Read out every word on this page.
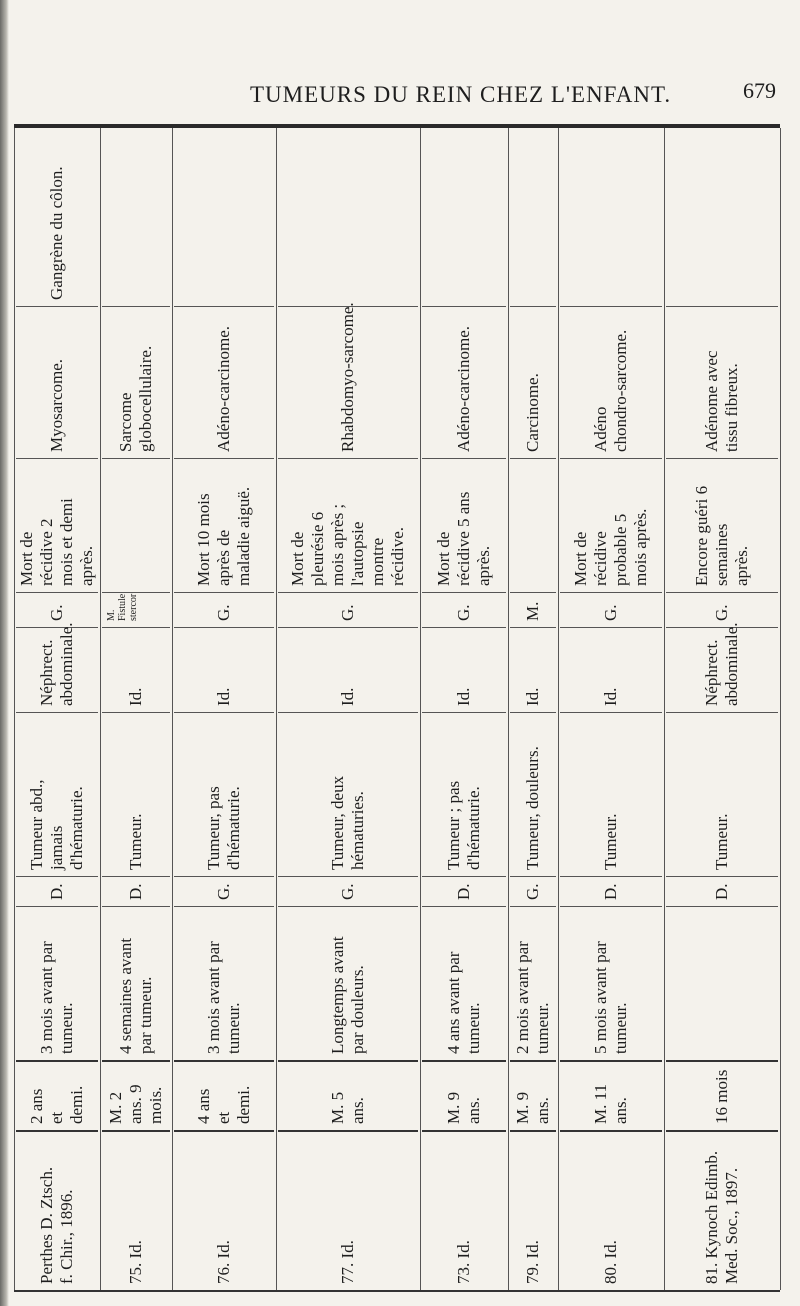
TUMEURS DU REIN CHEZ L'ENFANT.	679
Gangrène du côlon.
Myosarcome.
Mort de récidive 2 mois et demi après.
G.
Néphrect. abdominale.
Tumeur abd., jamais d'hématurie.
D.
3 mois avant par tumeur.
2 ans et demi.
Perthes D. Ztsch. f. Chir., 1896.
Sarcome globocellulaire.
M. Fistule stercor
Id.
Tumeur.
D.
4 semaines avant par tumeur.
M. 2 ans. 9 mois.
75. Id.
Adéno-carcinome.
Mort 10 mois après de maladie aiguë.
G.
Id.
Tumeur, pas d'hématurie.
G.
3 mois avant par tumeur.
4 ans et demi.
76. Id.
Rhabdomyo-sarcome.
Mort de pleurésie 6 mois après ; l'autopsie montre récidive.
G.
Id.
Tumeur, deux hématuries.
G.
Longtemps avant par douleurs.
M. 5 ans.
77. Id.
Adéno-carcinome.
Mort de récidive 5 ans après.
G.
Id.
Tumeur ; pas d'hématurie.
D.
4 ans avant par tumeur.
M. 9 ans.
73. Id.
Carcinome.
M.
Id.
Tumeur, douleurs.
G.
2 mois avant par tumeur.
M. 9 ans.
79. Id.
Adéno chondro-sarcome.
Mort de récidive probable 5 mois après.
G.
Id.
Tumeur.
D.
5 mois avant par tumeur.
M. 11 ans.
80. Id.
Adénome avec tissu fibreux.
Encore guéri 6 semaines après.
G.
Néphrect. abdominale.
Tumeur.
D.
16 mois
81. Kynoch Edimb. Med. Soc., 1897.
